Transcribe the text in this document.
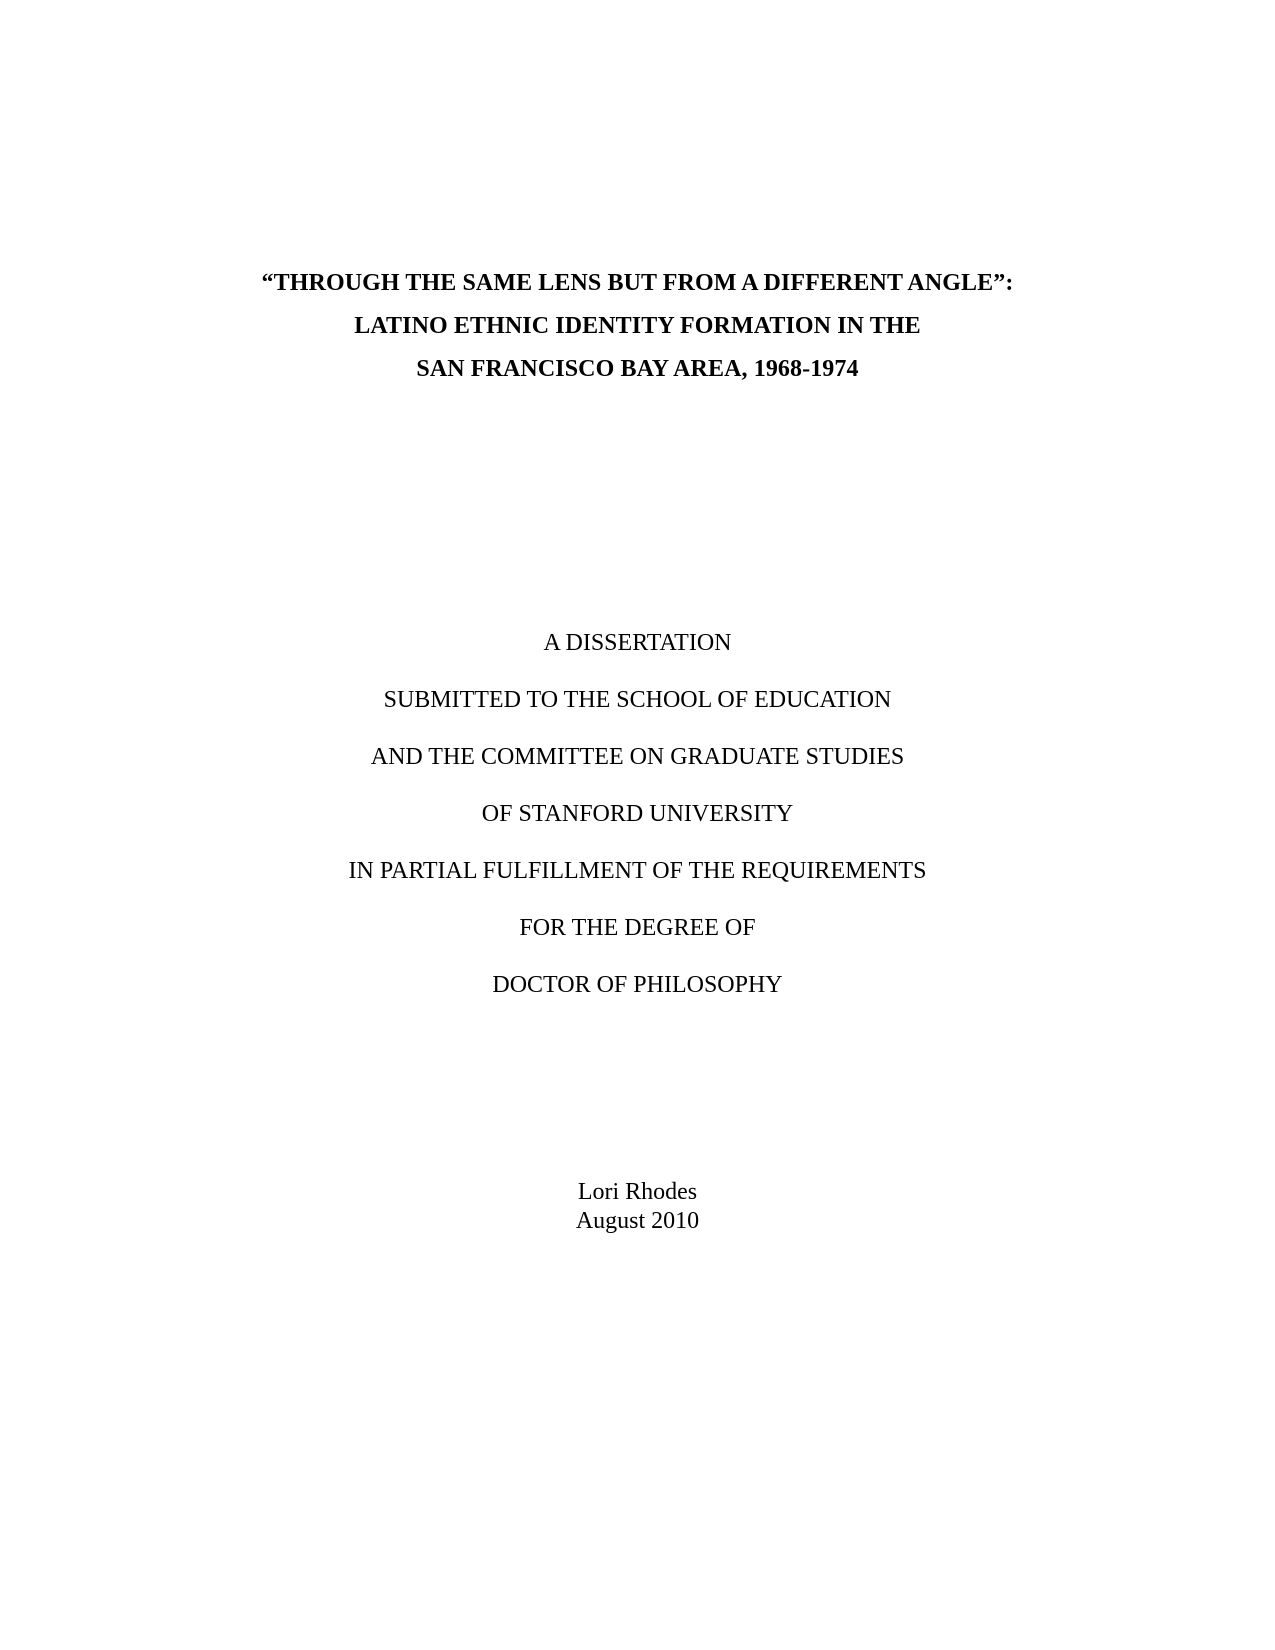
“THROUGH THE SAME LENS BUT FROM A DIFFERENT ANGLE”:
LATINO ETHNIC IDENTITY FORMATION IN THE
SAN FRANCISCO BAY AREA, 1968-1974
A DISSERTATION
SUBMITTED TO THE SCHOOL OF EDUCATION
AND THE COMMITTEE ON GRADUATE STUDIES
OF STANFORD UNIVERSITY
IN PARTIAL FULFILLMENT OF THE REQUIREMENTS
FOR THE DEGREE OF
DOCTOR OF PHILOSOPHY
Lori Rhodes
August 2010
